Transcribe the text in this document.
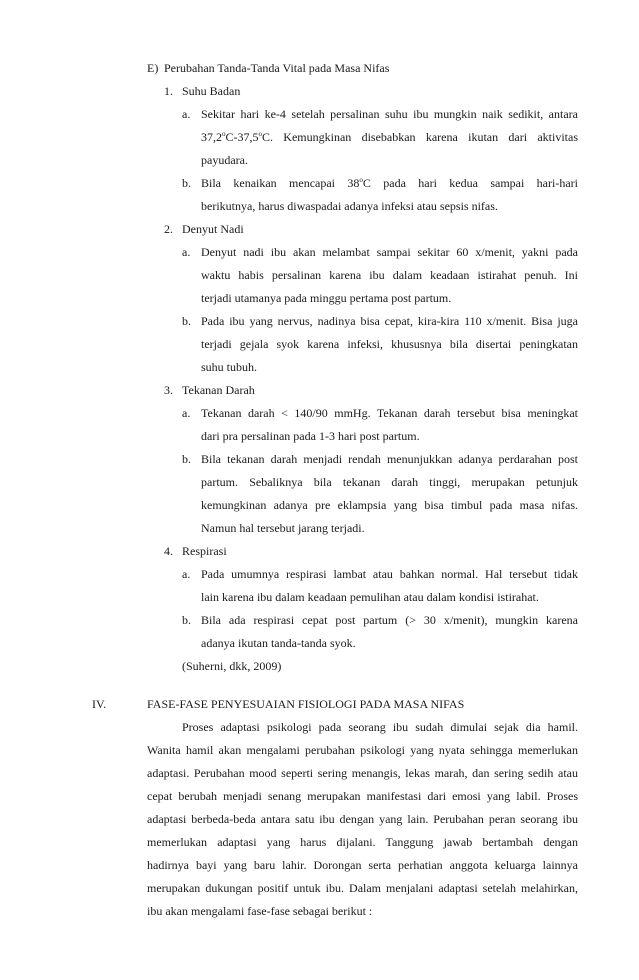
E) Perubahan Tanda-Tanda Vital pada Masa Nifas
1. Suhu Badan
a. Sekitar hari ke-4 setelah persalinan suhu ibu mungkin naik sedikit, antara
37,2$^o$C-37,5$^o$C. Kemungkinan disebabkan karena ikutan dari aktivitas
payudara.
b. Bila kenaikan mencapai 38$^o$C pada hari kedua sampai hari-hari
berikutnya, harus diwaspadai adanya infeksi atau sepsis nifas.
2. Denyut Nadi
a. Denyut nadi ibu akan melambat sampai sekitar 60 x/menit, yakni pada
waktu habis persalinan karena ibu dalam keadaan istirahat penuh. Ini
terjadi utamanya pada minggu pertama post partum.
b. Pada ibu yang nervus, nadinya bisa cepat, kira-kira 110 x/menit. Bisa juga
terjadi gejala syok karena infeksi, khususnya bila disertai peningkatan
suhu tubuh.
3. Tekanan Darah
a. Tekanan darah < 140/90 mmHg. Tekanan darah tersebut bisa meningkat
dari pra persalinan pada 1-3 hari post partum.
b. Bila tekanan darah menjadi rendah menunjukkan adanya perdarahan post
partum. Sebaliknya bila tekanan darah tinggi, merupakan petunjuk
kemungkinan adanya pre eklampsia yang bisa timbul pada masa nifas.
Namun hal tersebut jarang terjadi.
4. Respirasi
a. Pada umumnya respirasi lambat atau bahkan normal. Hal tersebut tidak
lain karena ibu dalam keadaan pemulihan atau dalam kondisi istirahat.
b. Bila ada respirasi cepat post partum (> 30 x/menit), mungkin karena
adanya ikutan tanda-tanda syok.
(Suherni, dkk, 2009)
IV.	FASE-FASE PENYESUAIAN FISIOLOGI PADA MASA NIFAS
Proses adaptasi psikologi pada seorang ibu sudah dimulai sejak dia hamil.
Wanita hamil akan mengalami perubahan psikologi yang nyata sehingga memerlukan
adaptasi. Perubahan mood seperti sering menangis, lekas marah, dan sering sedih atau
cepat berubah menjadi senang merupakan manifestasi dari emosi yang labil. Proses
adaptasi berbeda-beda antara satu ibu dengan yang lain. Perubahan peran seorang ibu
memerlukan adaptasi yang harus dijalani. Tanggung jawab bertambah dengan
hadirnya bayi yang baru lahir. Dorongan serta perhatian anggota keluarga lainnya
merupakan dukungan positif untuk ibu. Dalam menjalani adaptasi setelah melahirkan,
ibu akan mengalami fase-fase sebagai berikut :
